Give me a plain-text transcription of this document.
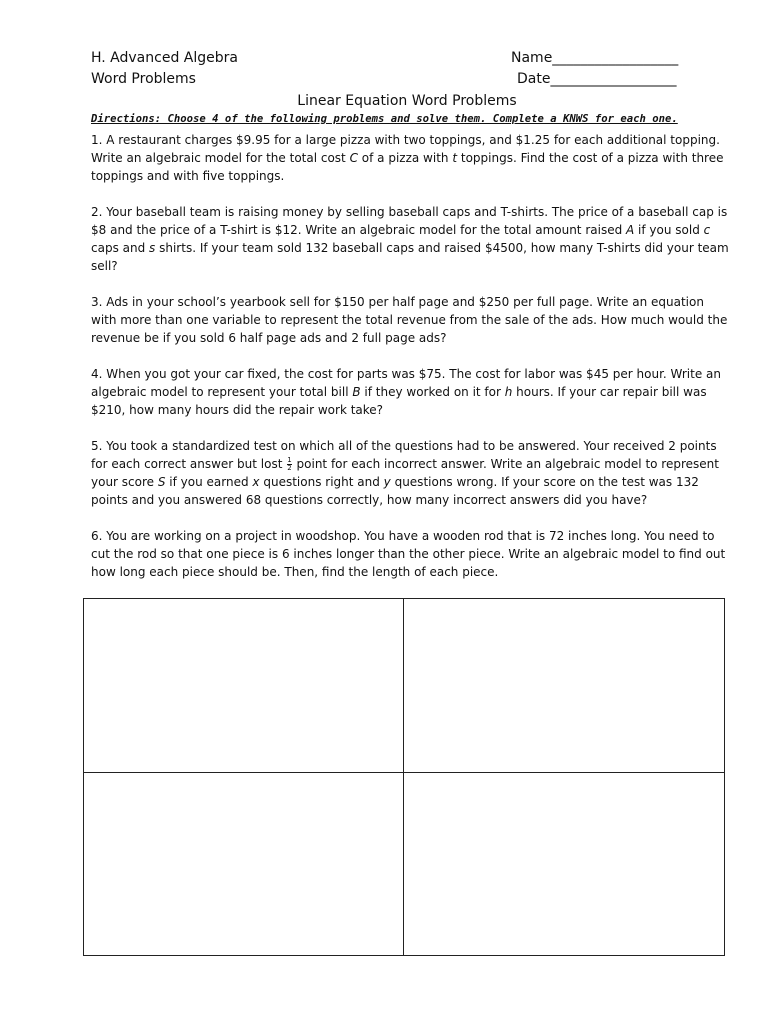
H. Advanced Algebra
Word Problems
Name__________________
Date__________________
Linear Equation Word Problems
Directions: Choose 4 of the following problems and solve them. Complete a KNWS for each one.
1. A restaurant charges $9.95 for a large pizza with two toppings, and $1.25 for each additional topping. Write an algebraic model for the total cost C of a pizza with t toppings. Find the cost of a pizza with three toppings and with five toppings.
2. Your baseball team is raising money by selling baseball caps and T-shirts. The price of a baseball cap is $8 and the price of a T-shirt is $12. Write an algebraic model for the total amount raised A if you sold c caps and s shirts. If your team sold 132 baseball caps and raised $4500, how many T-shirts did your team sell?
3. Ads in your school’s yearbook sell for $150 per half page and $250 per full page. Write an equation with more than one variable to represent the total revenue from the sale of the ads. How much would the revenue be if you sold 6 half page ads and 2 full page ads?
4. When you got your car fixed, the cost for parts was $75. The cost for labor was $45 per hour. Write an algebraic model to represent your total bill B if they worked on it for h hours. If your car repair bill was $210, how many hours did the repair work take?
5. You took a standardized test on which all of the questions had to be answered. Your received 2 points for each correct answer but lost $\frac{1}{2}$ point for each incorrect answer. Write an algebraic model to represent your score S if you earned x questions right and y questions wrong. If your score on the test was 132 points and you answered 68 questions correctly, how many incorrect answers did you have?
6. You are working on a project in woodshop. You have a wooden rod that is 72 inches long. You need to cut the rod so that one piece is 6 inches longer than the other piece. Write an algebraic model to find out how long each piece should be. Then, find the length of each piece.
